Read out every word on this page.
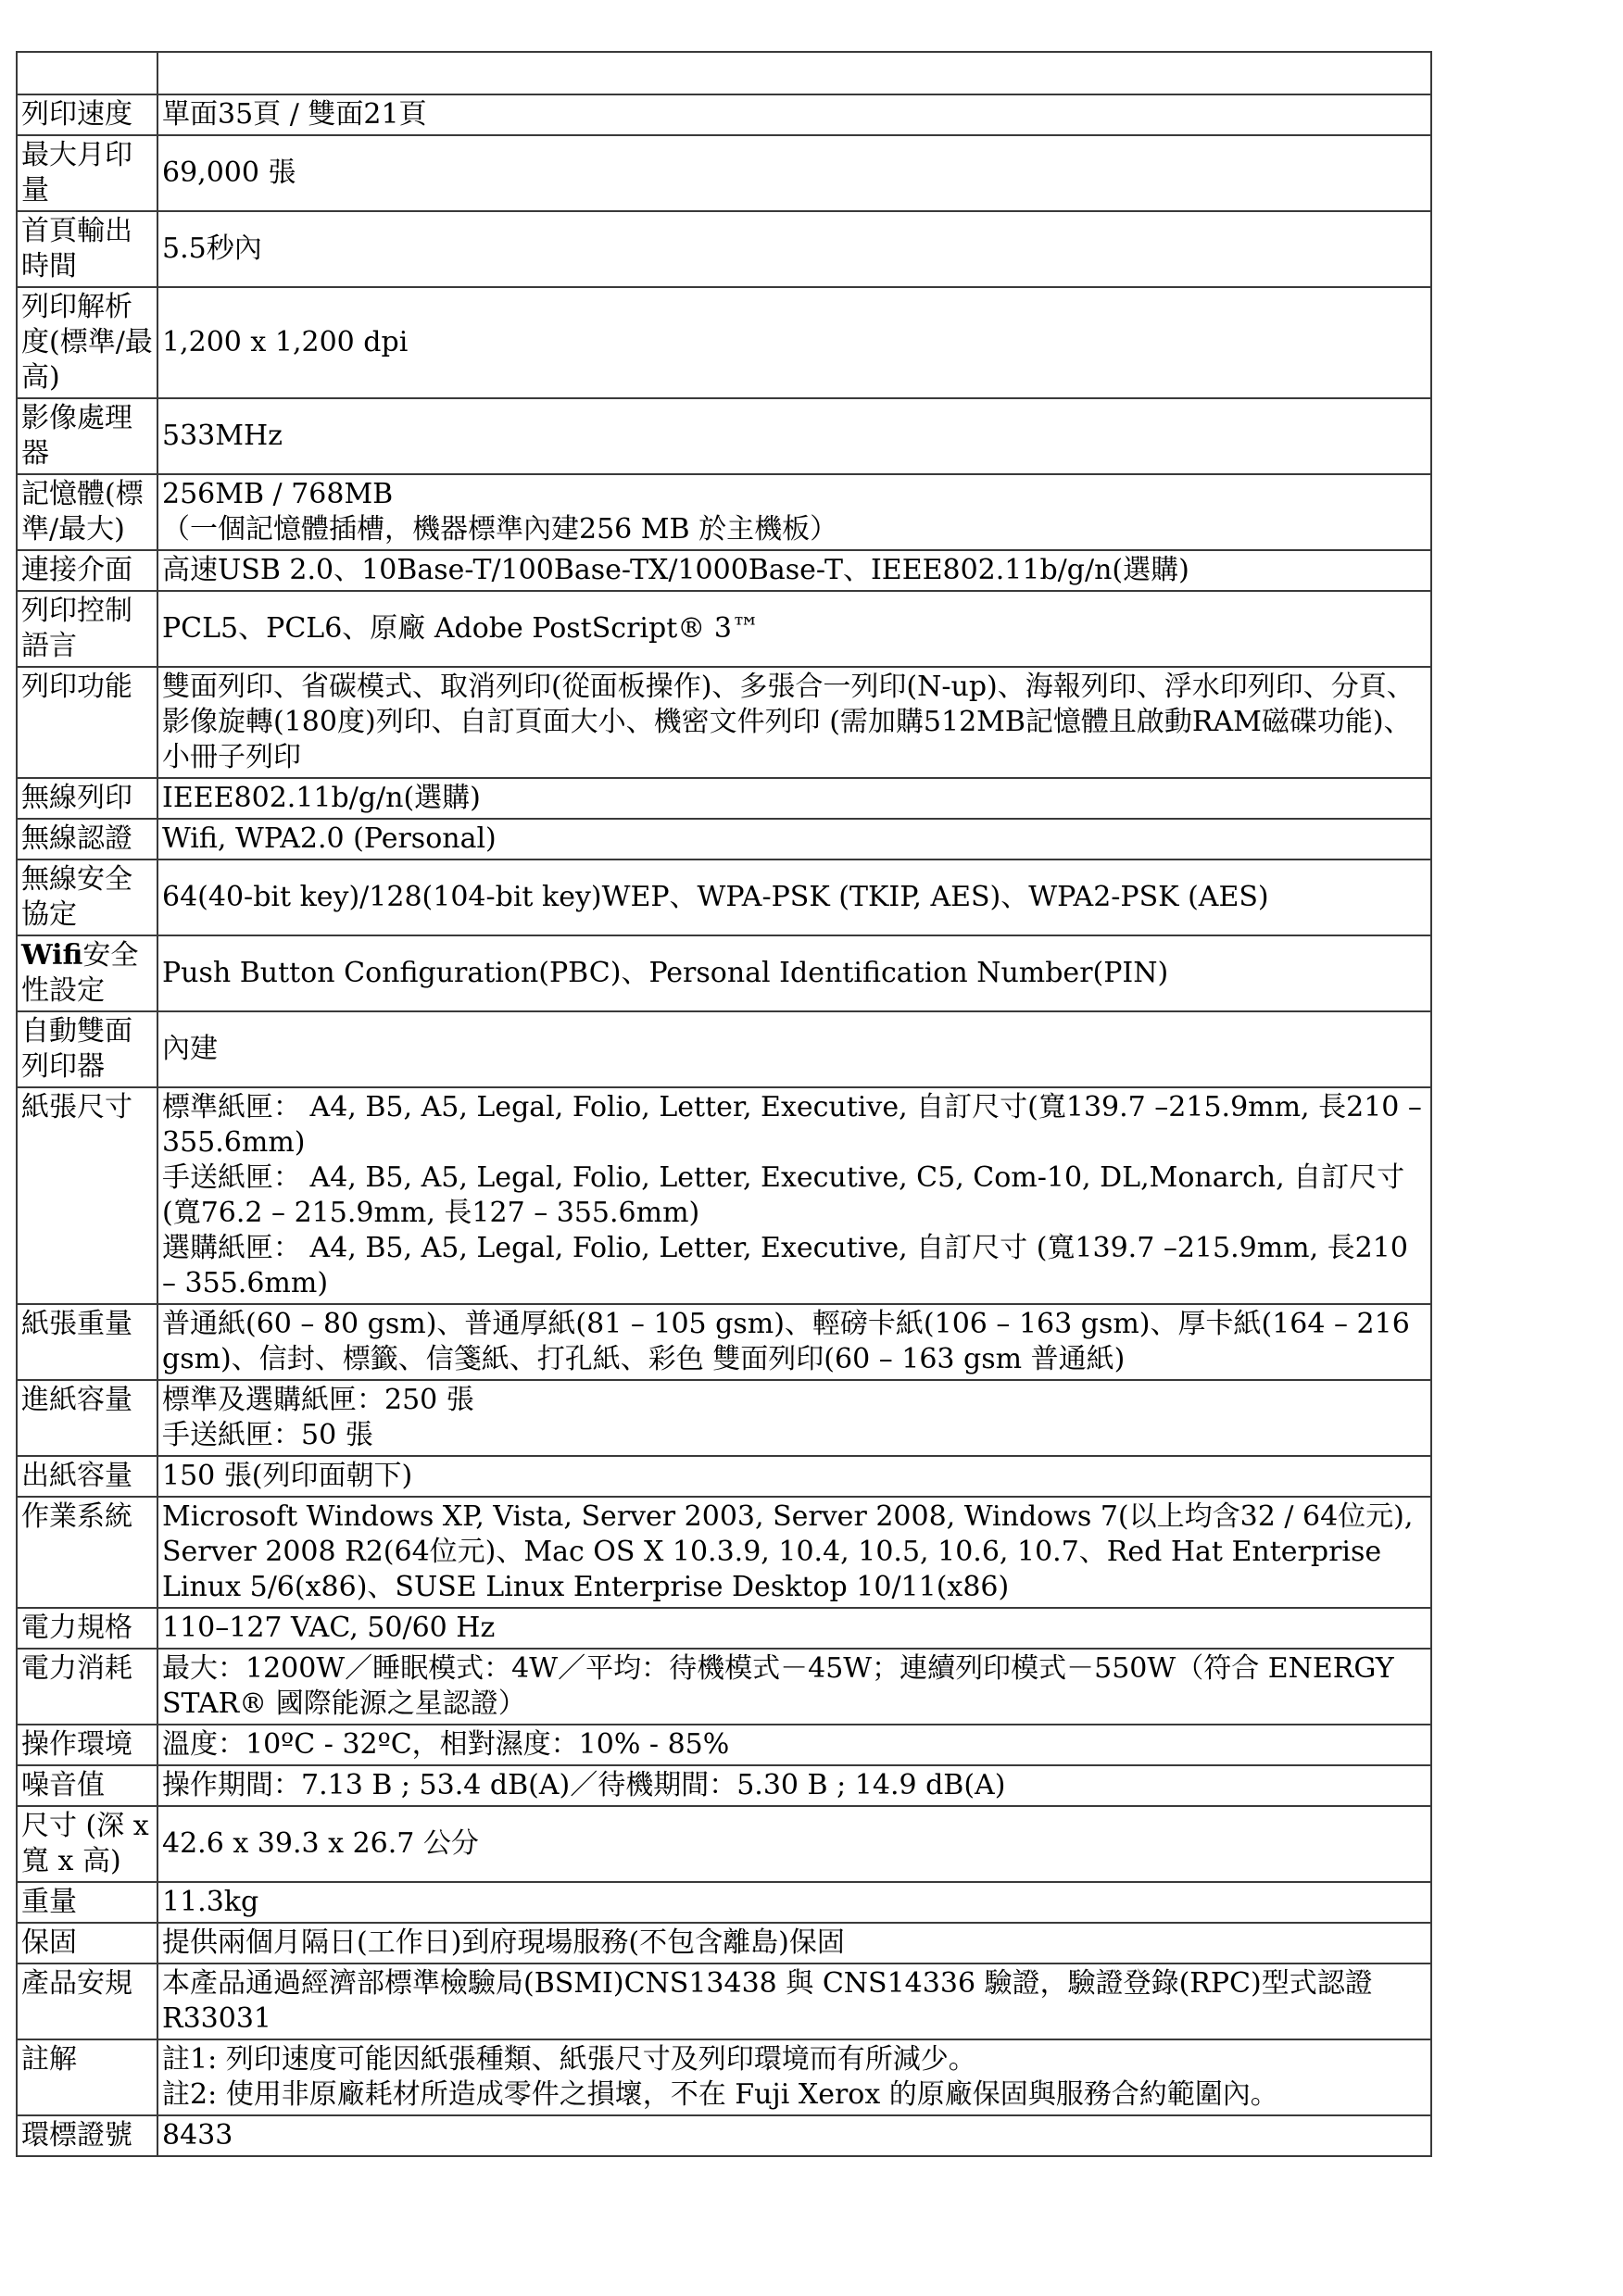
列印速度	單面35頁 / 雙面21頁

最大月印量	69,000 張

首頁輸出時間	5.5秒內

列印解析度(標準/最高)	1,200 x 1,200 dpi

影像處理器	533MHz

記憶體(標準/最大)	256MB / 768MB
（一個記憶體插槽，機器標準內建256 MB 於主機板）

連接介面	高速USB 2.0、10Base-T/100Base-TX/1000Base-T、IEEE802.11b/g/n(選購)

列印控制語言	PCL5、PCL6、原廠 Adobe PostScript® 3™

列印功能	雙面列印、省碳模式、取消列印(從面板操作)、多張合一列印(N-up)、海報列印、浮水印列印、分頁、影像旋轉(180度)列印、自訂頁面大小、機密文件列印 (需加購512MB記憶體且啟動RAM磁碟功能)、小冊子列印

無線列印	IEEE802.11b/g/n(選購)

無線認證	Wifi, WPA2.0 (Personal)

無線安全協定	64(40-bit key)/128(104-bit key)WEP、WPA-PSK (TKIP, AES)、WPA2-PSK (AES)

Wifi安全性設定	Push Button Configuration(PBC)、Personal Identification Number(PIN)

自動雙面列印器	內建

紙張尺寸	標準紙匣： A4, B5, A5, Legal, Folio, Letter, Executive, 自訂尺寸(寬139.7 –215.9mm, 長210 – 355.6mm)
手送紙匣： A4, B5, A5, Legal, Folio, Letter, Executive, C5, Com-10, DL,Monarch, 自訂尺寸 (寬76.2 – 215.9mm, 長127 – 355.6mm)
選購紙匣： A4, B5, A5, Legal, Folio, Letter, Executive, 自訂尺寸 (寬139.7 –215.9mm, 長210 – 355.6mm)

紙張重量	普通紙(60 – 80 gsm)、普通厚紙(81 – 105 gsm)、輕磅卡紙(106 – 163 gsm)、厚卡紙(164 – 216 gsm)、信封、標籤、信箋紙、打孔紙、彩色 雙面列印(60 – 163 gsm 普通紙)

進紙容量	標準及選購紙匣：250 張
手送紙匣：50 張

出紙容量	150 張(列印面朝下)

作業系統	Microsoft Windows XP, Vista, Server 2003, Server 2008, Windows 7(以上均含32 / 64位元), Server 2008 R2(64位元)、Mac OS X 10.3.9, 10.4, 10.5, 10.6, 10.7、Red Hat Enterprise Linux 5/6(x86)、SUSE Linux Enterprise Desktop 10/11(x86)

電力規格	110–127 VAC, 50/60 Hz

電力消耗	最大：1200W／睡眠模式：4W／平均：待機模式－45W；連續列印模式－550W（符合 ENERGY STAR® 國際能源之星認證）

操作環境	溫度：10ºC - 32ºC，相對濕度：10% - 85%

噪音值	操作期間：7.13 B ; 53.4 dB(A)／待機期間：5.30 B ; 14.9 dB(A)

尺寸 (深 x 寬 x 高)	42.6 x 39.3 x 26.7 公分

重量	11.3kg

保固	提供兩個月隔日(工作日)到府現場服務(不包含離島)保固

產品安規	本產品通過經濟部標準檢驗局(BSMI)CNS13438 與 CNS14336 驗證，驗證登錄(RPC)型式認證 R33031

註解	註1: 列印速度可能因紙張種類、紙張尺寸及列印環境而有所減少。
註2: 使用非原廠耗材所造成零件之損壞，不在 Fuji Xerox 的原廠保固與服務合約範圍內。

環標證號	8433
